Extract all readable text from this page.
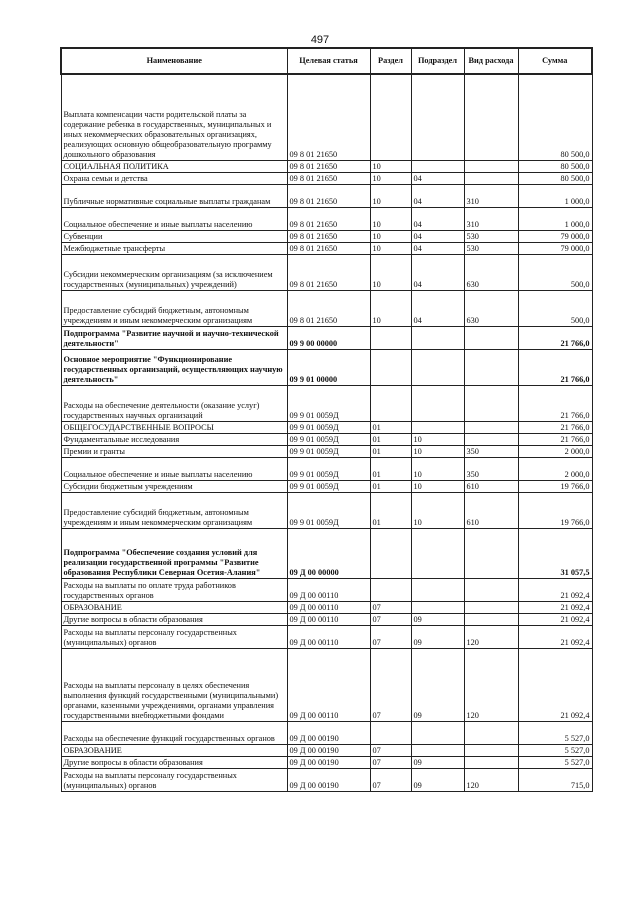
497
Наименование	Целевая статья	Раздел	Подраздел	Вид расхода	Сумма
Выплата компенсации части родительской платы за содержание ребенка в государственных, муниципальных и иных некоммерческих образовательных организациях, реализующих основную общеобразовательную программу дошкольного образования	09 8 01 21650				80 500,0
СОЦИАЛЬНАЯ ПОЛИТИКА	09 8 01 21650	10			80 500,0
Охрана семьи и детства	09 8 01 21650	10	04		80 500,0
Публичные нормативные социальные выплаты гражданам	09 8 01 21650	10	04	310	1 000,0
Социальное обеспечение и иные выплаты населению	09 8 01 21650	10	04	310	1 000,0
Субвенции	09 8 01 21650	10	04	530	79 000,0
Межбюджетные трансферты	09 8 01 21650	10	04	530	79 000,0
Субсидии некоммерческим организациям (за исключением государственных (муниципальных) учреждений)	09 8 01 21650	10	04	630	500,0
Предоставление субсидий бюджетным, автономным учреждениям и иным некоммерческим организациям	09 8 01 21650	10	04	630	500,0
Подпрограмма "Развитие научной и научно-технической деятельности"	09 9 00 00000				21 766,0
Основное мероприятие "Функционирование государственных организаций, осуществляющих научную деятельность"	09 9 01 00000				21 766,0
Расходы на обеспечение деятельности (оказание услуг) государственных научных организаций	09 9 01 0059Д				21 766,0
ОБЩЕГОСУДАРСТВЕННЫЕ ВОПРОСЫ	09 9 01 0059Д	01			21 766,0
Фундаментальные исследования	09 9 01 0059Д	01	10		21 766,0
Премии и гранты	09 9 01 0059Д	01	10	350	2 000,0
Социальное обеспечение и иные выплаты населению	09 9 01 0059Д	01	10	350	2 000,0
Субсидии бюджетным учреждениям	09 9 01 0059Д	01	10	610	19 766,0
Предоставление субсидий бюджетным, автономным учреждениям и иным некоммерческим организациям	09 9 01 0059Д	01	10	610	19 766,0
Подпрограмма "Обеспечение создания условий для реализации государственной программы "Развитие образования Республики Северная Осетия-Алания"	09 Д 00 00000				31 057,5
Расходы на выплаты по оплате труда работников государственных органов	09 Д 00 00110				21 092,4
ОБРАЗОВАНИЕ	09 Д 00 00110	07			21 092,4
Другие вопросы в области образования	09 Д 00 00110	07	09		21 092,4
Расходы на выплаты персоналу государственных (муниципальных) органов	09 Д 00 00110	07	09	120	21 092,4
Расходы на выплаты персоналу в целях обеспечения выполнения функций государственными (муниципальными) органами, казенными учреждениями, органами управления государственными внебюджетными фондами	09 Д 00 00110	07	09	120	21 092,4
Расходы на обеспечение функций государственных органов	09 Д 00 00190				5 527,0
ОБРАЗОВАНИЕ	09 Д 00 00190	07			5 527,0
Другие вопросы в области образования	09 Д 00 00190	07	09		5 527,0
Расходы на выплаты персоналу государственных (муниципальных) органов	09 Д 00 00190	07	09	120	715,0
